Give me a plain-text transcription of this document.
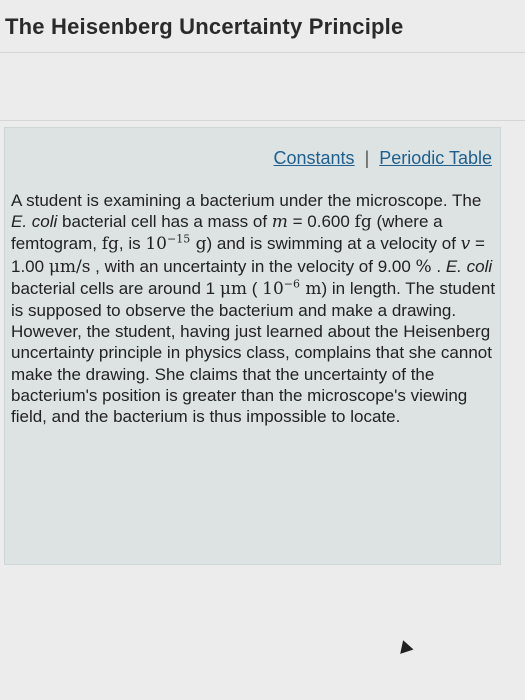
The Heisenberg Uncertainty Principle
Constants | Periodic Table
A student is examining a bacterium under the microscope. The E. coli bacterial cell has a mass of m = 0.600 fg (where a femtogram, fg, is $10^{-15}$ g) and is swimming at a velocity of v = 1.00 μm/s , with an uncertainty in the velocity of 9.00 % . E. coli bacterial cells are around 1 μm ( $10^{-6}$ m) in length. The student is supposed to observe the bacterium and make a drawing. However, the student, having just learned about the Heisenberg uncertainty principle in physics class, complains that she cannot make the drawing. She claims that the uncertainty of the bacterium's position is greater than the microscope's viewing field, and the bacterium is thus impossible to locate.
